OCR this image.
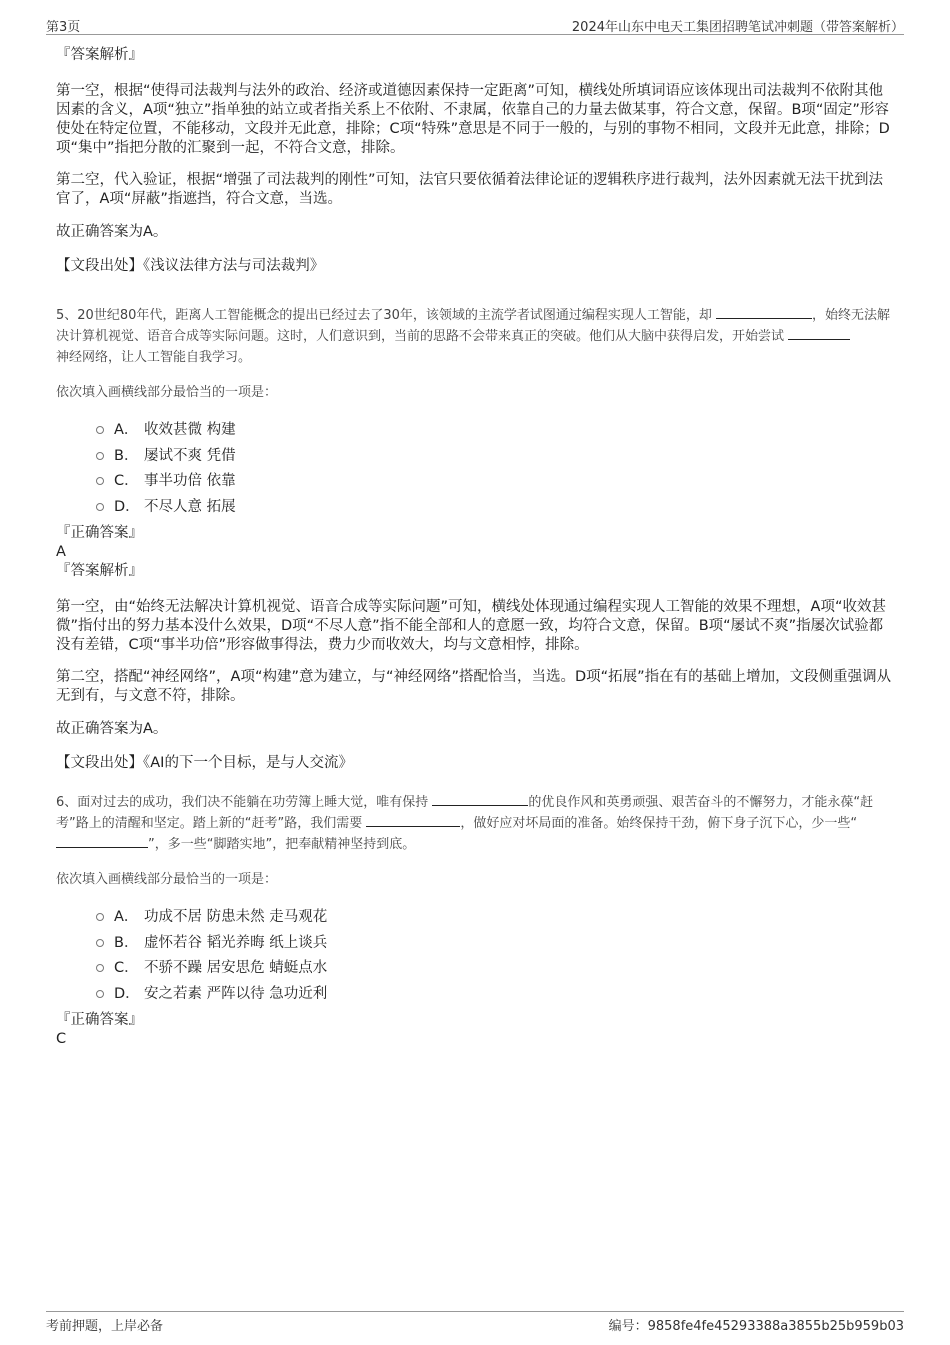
第3页	2024年山东中电天工集团招聘笔试冲刺题（带答案解析）
『答案解析』

第一空，根据“使得司法裁判与法外的政治、经济或道德因素保持一定距离”可知，横线处所填词语应该体现出司法裁判不依附其他因素的含义，A项“独立”指单独的站立或者指关系上不依附、不隶属，依靠自己的力量去做某事，符合文意，保留。B项“固定”形容使处在特定位置，不能移动，文段并无此意，排除；C项“特殊”意思是不同于一般的，与别的事物不相同，文段并无此意，排除；D项“集中”指把分散的汇聚到一起，不符合文意，排除。

第二空，代入验证，根据“增强了司法裁判的刚性”可知，法官只要依循着法律论证的逻辑秩序进行裁判，法外因素就无法干扰到法官了，A项“屏蔽”指遮挡，符合文意，当选。

故正确答案为A。

【文段出处】《浅议法律方法与司法裁判》

5、20世纪80年代，距离人工智能概念的提出已经过去了30年，该领域的主流学者试图通过编程实现人工智能，却	，始终无法解决计算机视觉、语音合成等实际问题。这时，人们意识到，当前的思路不会带来真正的突破。他们从大脑中获得启发，开始尝试
神经网络，让人工智能自我学习。

依次填入画横线部分最恰当的一项是：

A． 收效甚微 构建
B． 屡试不爽 凭借
C． 事半功倍 依靠
D． 不尽人意 拓展

『正确答案』

A

『答案解析』

第一空，由“始终无法解决计算机视觉、语音合成等实际问题”可知，横线处体现通过编程实现人工智能的效果不理想，A项“收效甚微”指付出的努力基本没什么效果，D项“不尽人意”指不能全部和人的意愿一致，均符合文意，保留。B项“屡试不爽”指屡次试验都没有差错，C项“事半功倍”形容做事得法，费力少而收效大，均与文意相悖，排除。

第二空，搭配“神经网络”，A项“构建”意为建立，与“神经网络”搭配恰当，当选。D项“拓展”指在有的基础上增加，文段侧重强调从无到有，与文意不符，排除。

故正确答案为A。

【文段出处】《AI的下一个目标，是与人交流》

6、面对过去的成功，我们决不能躺在功劳簿上睡大觉，唯有保持	的优良作风和英勇顽强、艰苦奋斗的不懈努力，才能永葆“赶考”路上的清醒和坚定。踏上新的“赶考”路，我们需要	，做好应对坏局面的准备。始终保持干劲，俯下身子沉下心，少一些“
”，多一些“脚踏实地”，把奉献精神坚持到底。

依次填入画横线部分最恰当的一项是：

A． 功成不居 防患未然 走马观花
B． 虚怀若谷 韬光养晦 纸上谈兵
C． 不骄不躁 居安思危 蜻蜓点水
D． 安之若素 严阵以待 急功近利

『正确答案』

C

考前押题，上岸必备	编号：9858fe4fe45293388a3855b25b959b03
